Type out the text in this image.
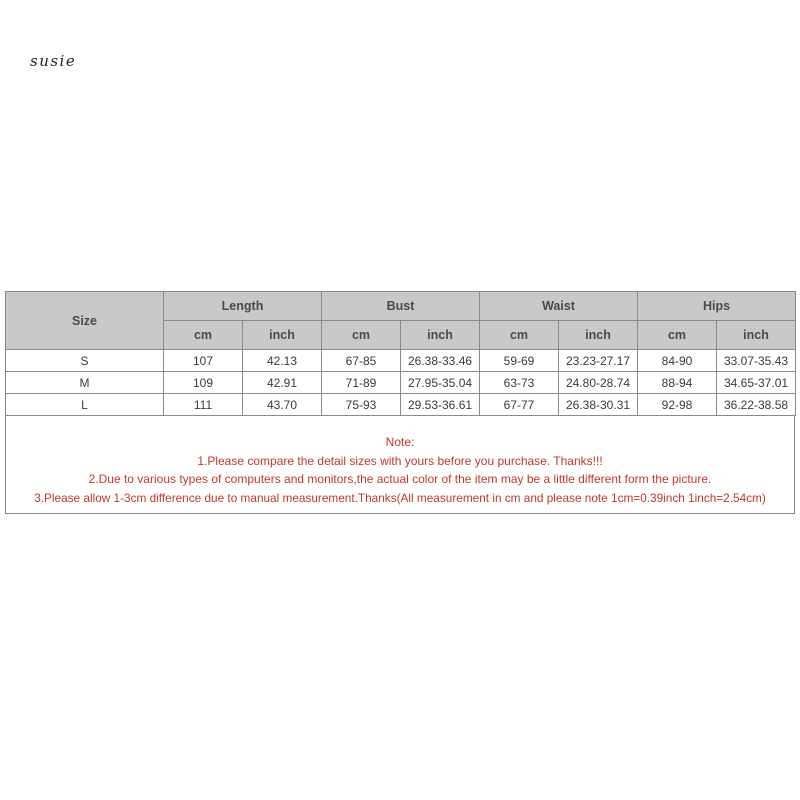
susie
Size	Length		Bust		Waist		Hips	
	cm	inch	cm	inch	cm	inch	cm	inch
S	107	42.13	67-85	26.38-33.46	59-69	23.23-27.17	84-90	33.07-35.43
M	109	42.91	71-89	27.95-35.04	63-73	24.80-28.74	88-94	34.65-37.01
L	111	43.70	75-93	29.53-36.61	67-77	26.38-30.31	92-98	36.22-38.58
Note:
1.Please compare the detail sizes with yours before you purchase. Thanks!!!
2.Due to various types of computers and monitors,the actual color of the item may be a little different form the picture.
3.Please allow 1-3cm difference due to manual measurement.Thanks(All measurement in cm and please note 1cm=0.39inch 1inch=2.54cm)
